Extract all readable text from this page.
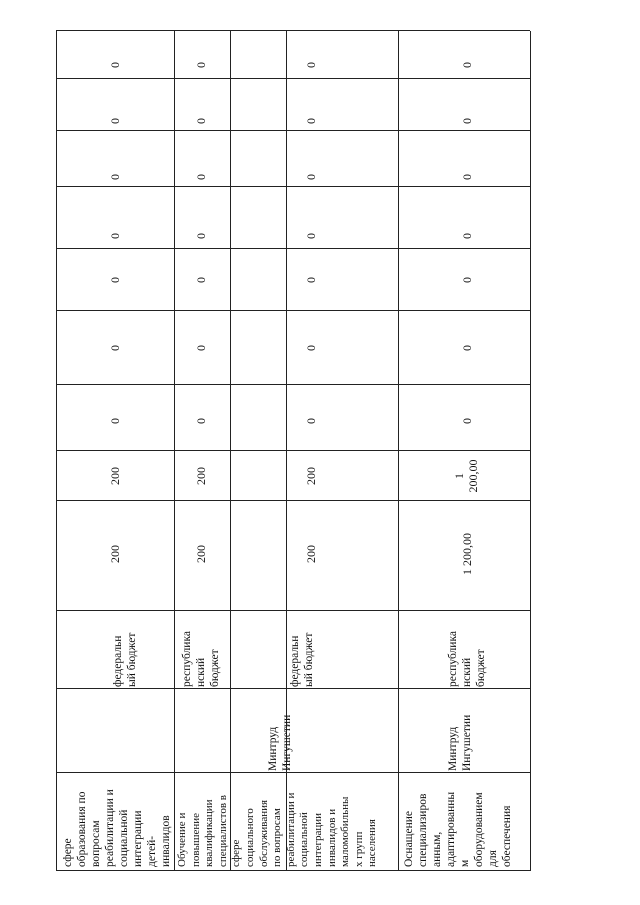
сфере
образования по
вопросам
реабилитации и
социальной
интеграции
детей-
инвалидов
федеральн
ый бюджет
200
200
0
0
0
0
0
0
0
Обучение и
повышение
квалификации
специалистов в
сфере
социального
обслуживания
по вопросам
реабилитации и
социальной
интеграции
инвалидов и
маломобильны
х групп
населения
Минтруд
Ингушетии
республика
нский
бюджет
200
200
0
0
0
0
0
0
0
федеральн
ый бюджет
200
200
0
0
0
0
0
0
0
Оснащение
специализиров
анным,
адаптированны
м
оборудованием
для
обеспечения
Минтруд
Ингушетии
республика
нский
бюджет
1 200,00
1
200,00
0
0
0
0
0
0
0
